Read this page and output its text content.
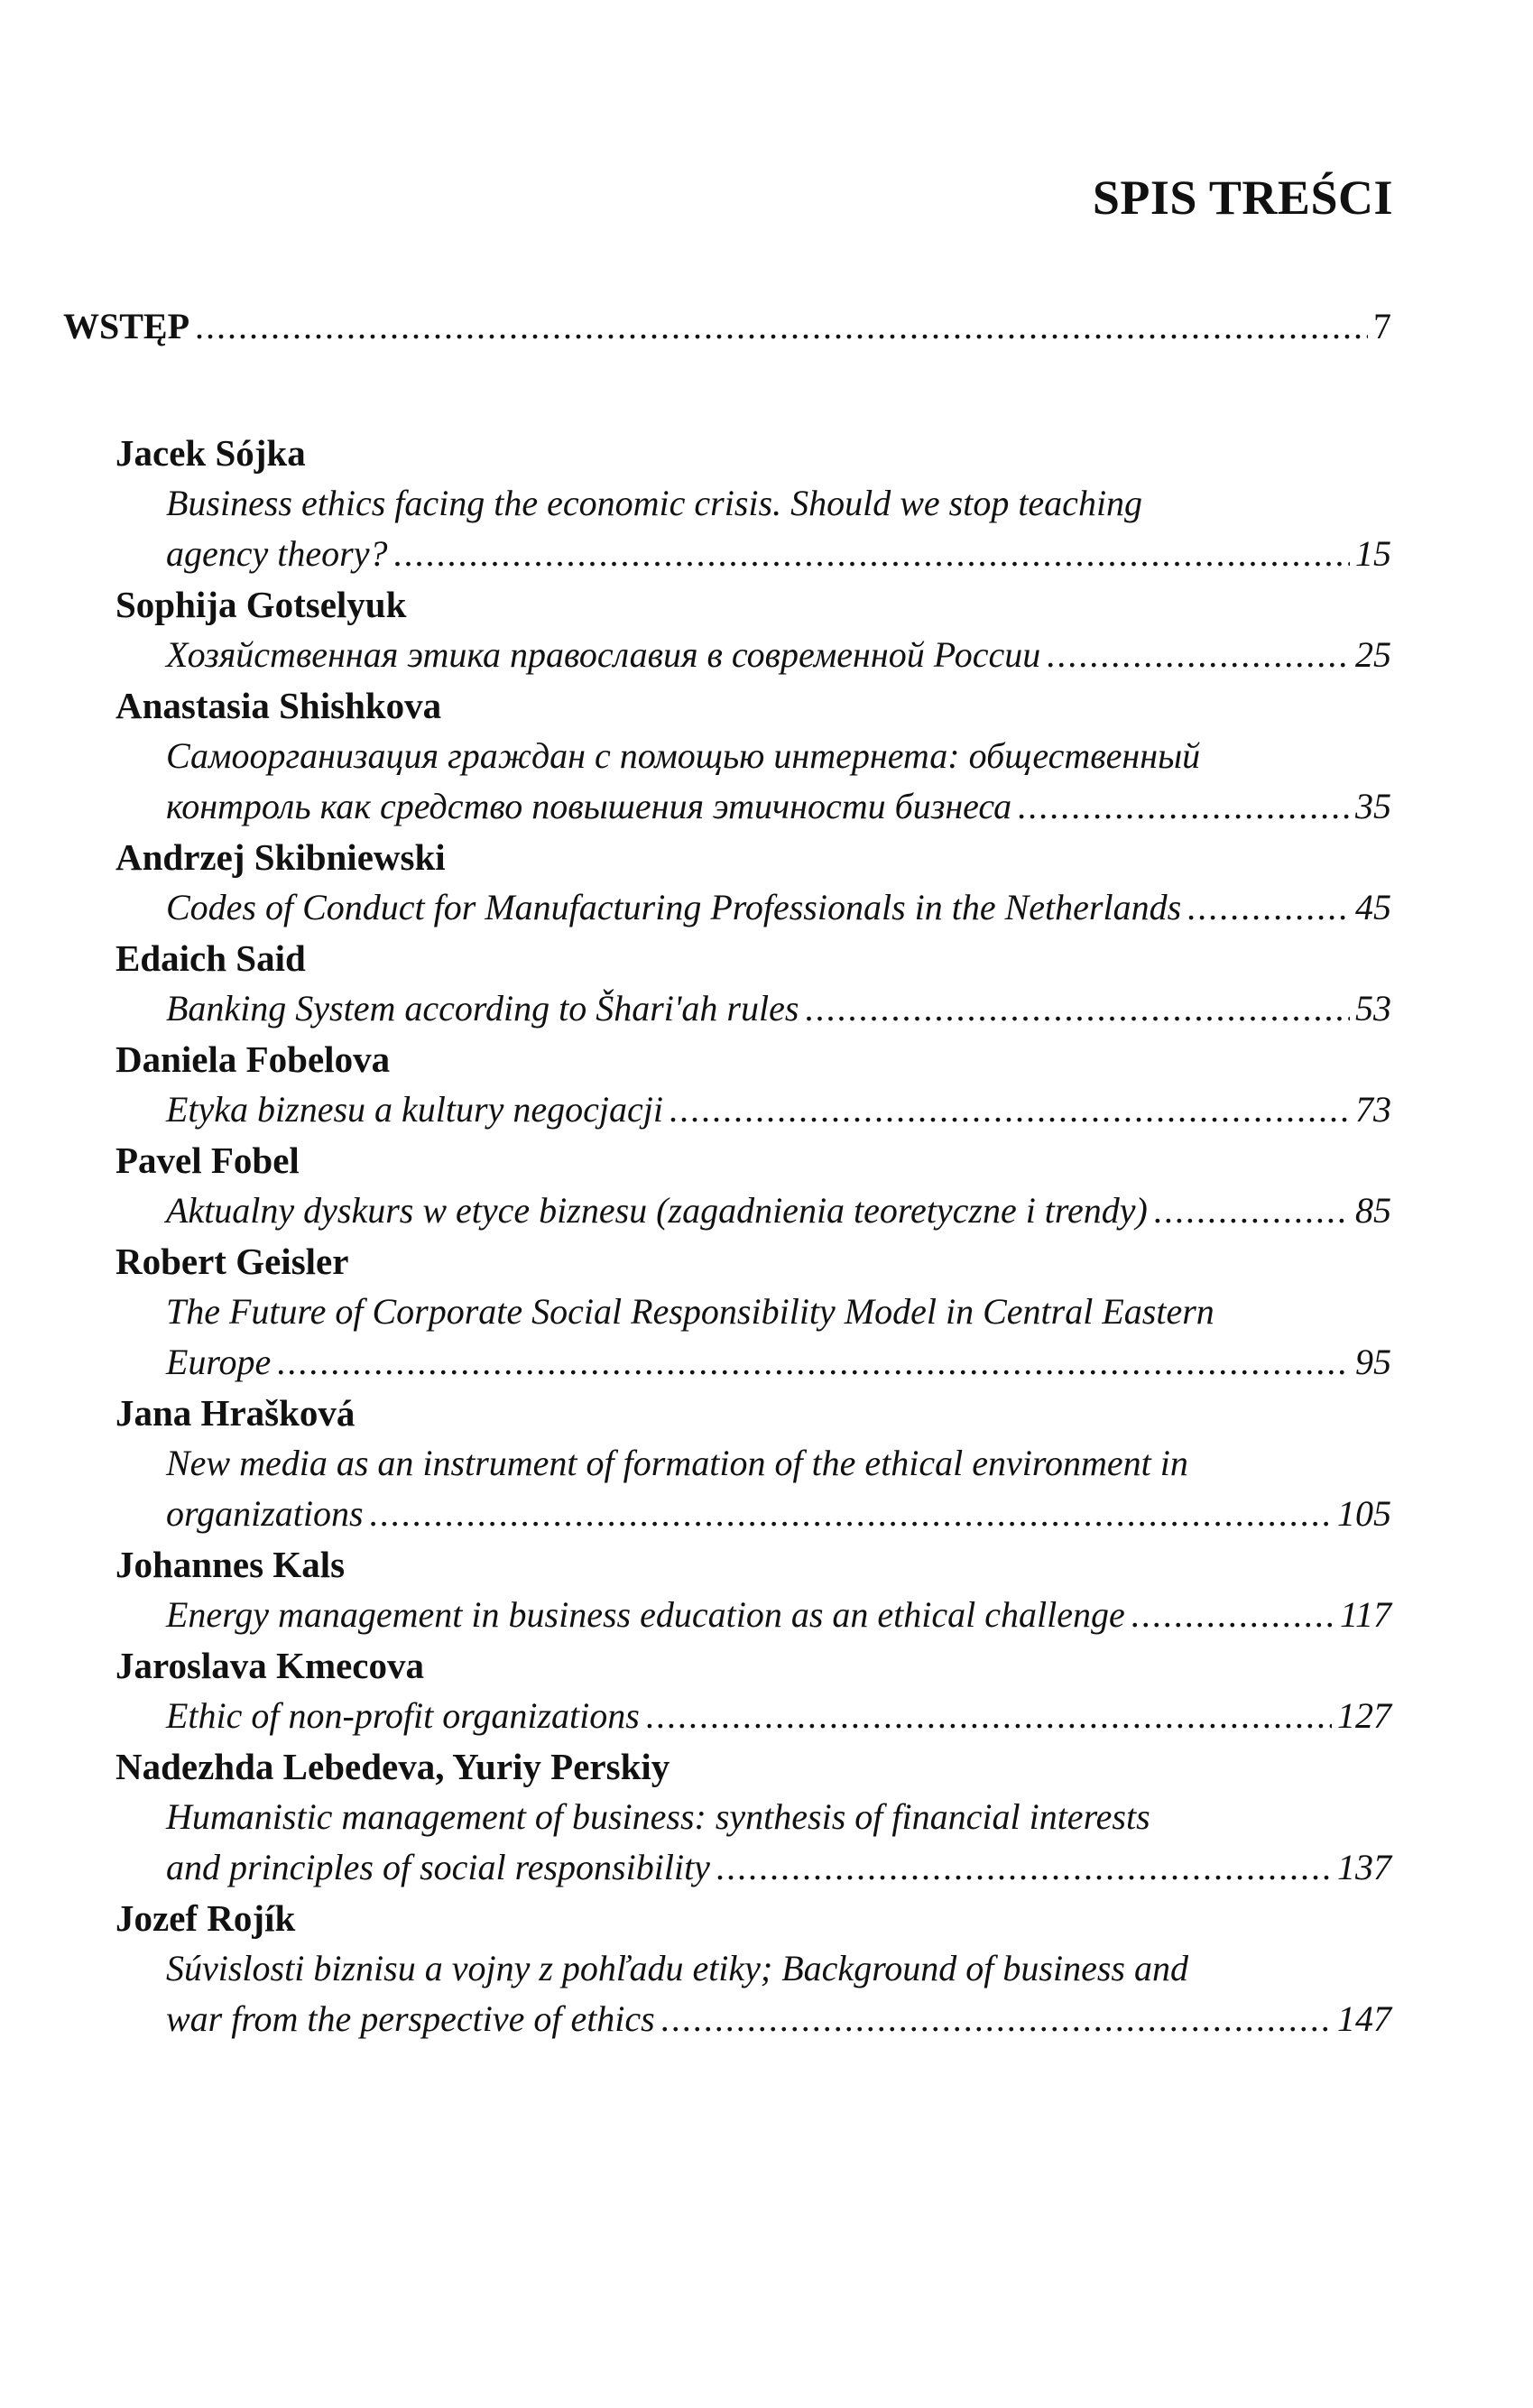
SPIS TREŚCI
WSTĘP .....	7
Jacek Sójka
Business ethics facing the economic crisis. Should we stop teaching
agency theory? .....	15
Sophija Gotselyuk
Хозяйственная этика православия в современной России .....	25
Anastasia Shishkova
Самоорганизация граждан с помощью интернета: общественный
контроль как средство повышения этичности бизнеса .....	35
Andrzej Skibniewski
Codes of Conduct for Manufacturing Professionals in the Netherlands .....	45
Edaich Said
Banking System according to Šhari'ah rules .....	53
Daniela Fobelova
Etyka biznesu a kultury negocjacji .....	73
Pavel Fobel
Aktualny dyskurs w etyce biznesu (zagadnienia teoretyczne i trendy) .....	85
Robert Geisler
The Future of Corporate Social Responsibility Model in Central Eastern
Europe .....	95
Jana Hrašková
New media as an instrument of formation of the ethical environment in
organizations .....	105
Johannes Kals
Energy management in business education as an ethical challenge .....	117
Jaroslava Kmecova
Ethic of non-profit organizations .....	127
Nadezhda Lebedeva, Yuriy Perskiy
Humanistic management of business: synthesis of financial interests
and principles of social responsibility .....	137
Jozef Rojík
Súvislosti biznisu a vojny z pohľadu etiky; Background of business and
war from the perspective of ethics .....	147
